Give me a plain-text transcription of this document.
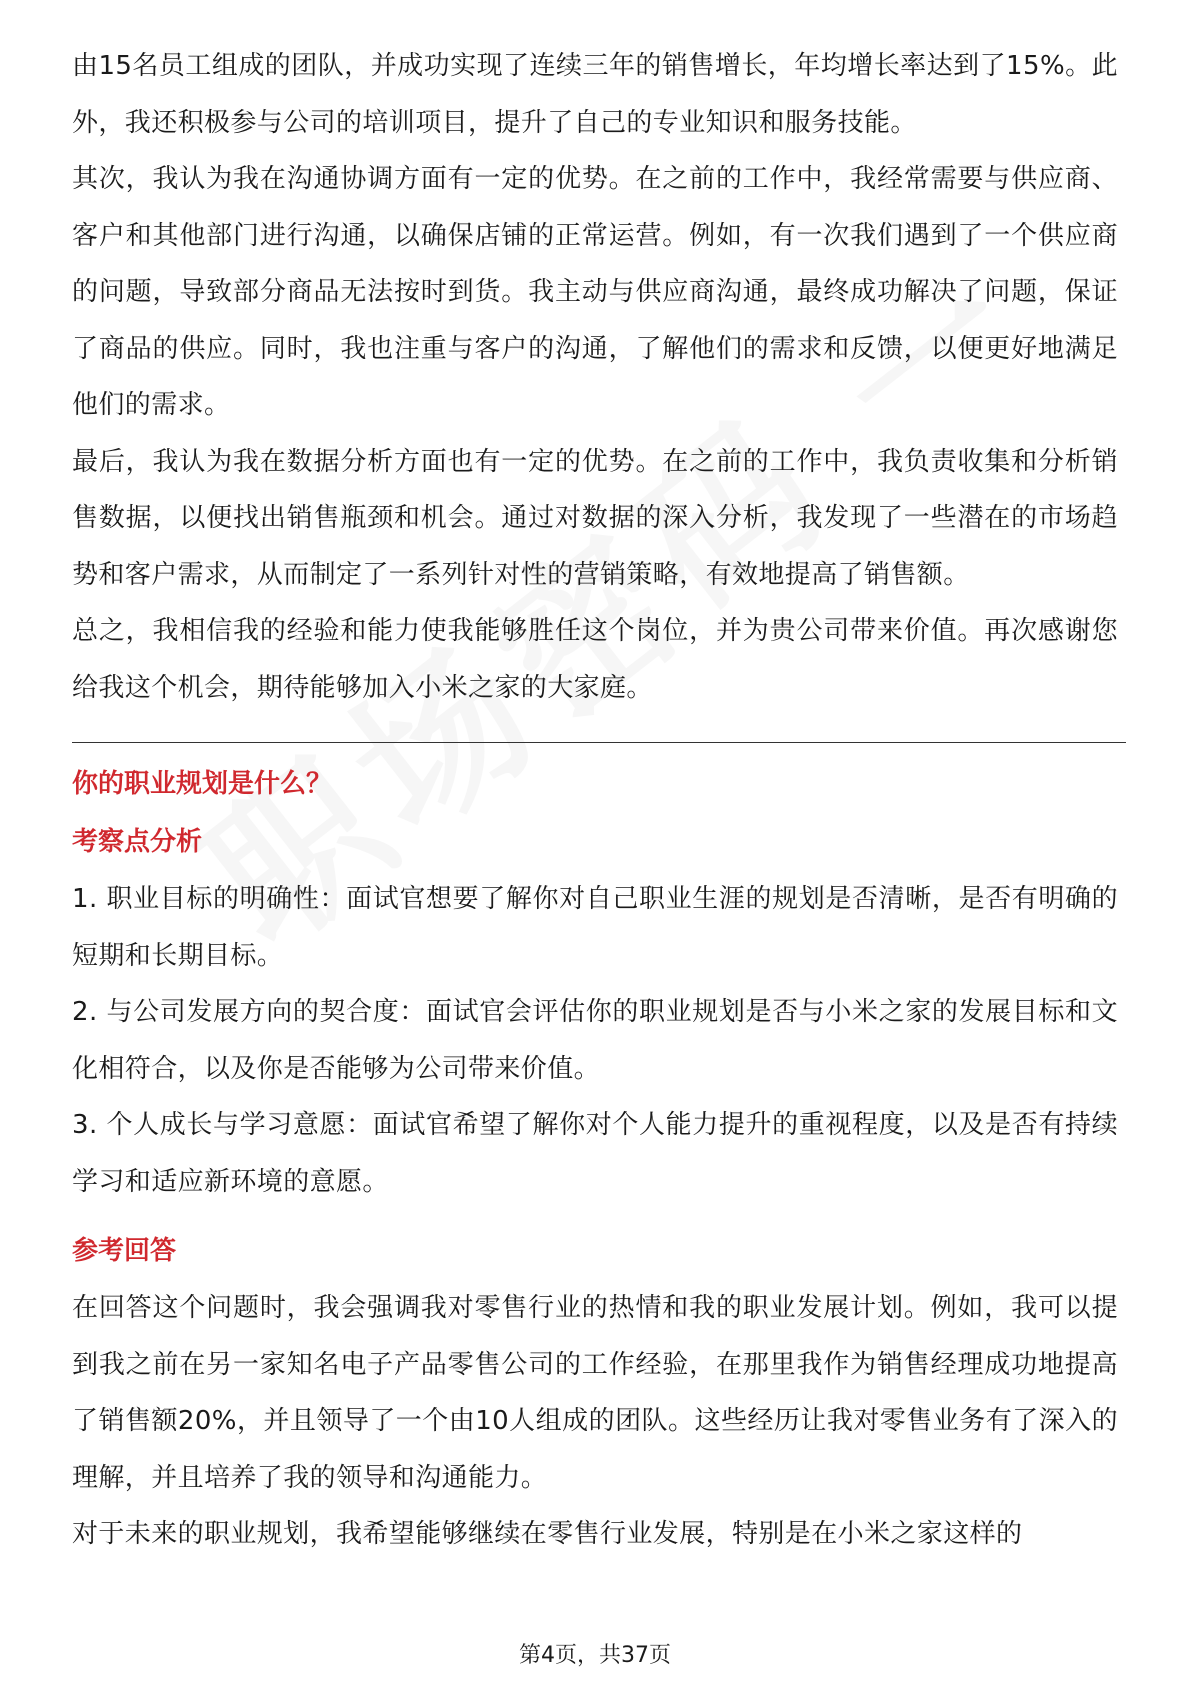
由15名员工组成的团队，并成功实现了连续三年的销售增长，年均增长率达到了15%。此外，我还积极参与公司的培训项目，提升了自己的专业知识和服务技能。

其次，我认为我在沟通协调方面有一定的优势。在之前的工作中，我经常需要与供应商、客户和其他部门进行沟通，以确保店铺的正常运营。例如，有一次我们遇到了一个供应商的问题，导致部分商品无法按时到货。我主动与供应商沟通，最终成功解决了问题，保证了商品的供应。同时，我也注重与客户的沟通，了解他们的需求和反馈，以便更好地满足他们的需求。

最后，我认为我在数据分析方面也有一定的优势。在之前的工作中，我负责收集和分析销售数据，以便找出销售瓶颈和机会。通过对数据的深入分析，我发现了一些潜在的市场趋势和客户需求，从而制定了一系列针对性的营销策略，有效地提高了销售额。

总之，我相信我的经验和能力使我能够胜任这个岗位，并为贵公司带来价值。再次感谢您给我这个机会，期待能够加入小米之家的大家庭。

你的职业规划是什么？
考察点分析

1. 职业目标的明确性：面试官想要了解你对自己职业生涯的规划是否清晰，是否有明确的短期和长期目标。

2. 与公司发展方向的契合度：面试官会评估你的职业规划是否与小米之家的发展目标和文化相符合，以及你是否能够为公司带来价值。

3. 个人成长与学习意愿：面试官希望了解你对个人能力提升的重视程度，以及是否有持续学习和适应新环境的意愿。

参考回答

在回答这个问题时，我会强调我对零售行业的热情和我的职业发展计划。例如，我可以提到我之前在另一家知名电子产品零售公司的工作经验，在那里我作为销售经理成功地提高了销售额20%，并且领导了一个由10人组成的团队。这些经历让我对零售业务有了深入的理解，并且培养了我的领导和沟通能力。

对于未来的职业规划，我希望能够继续在零售行业发展，特别是在小米之家这样的

第4页，共37页
